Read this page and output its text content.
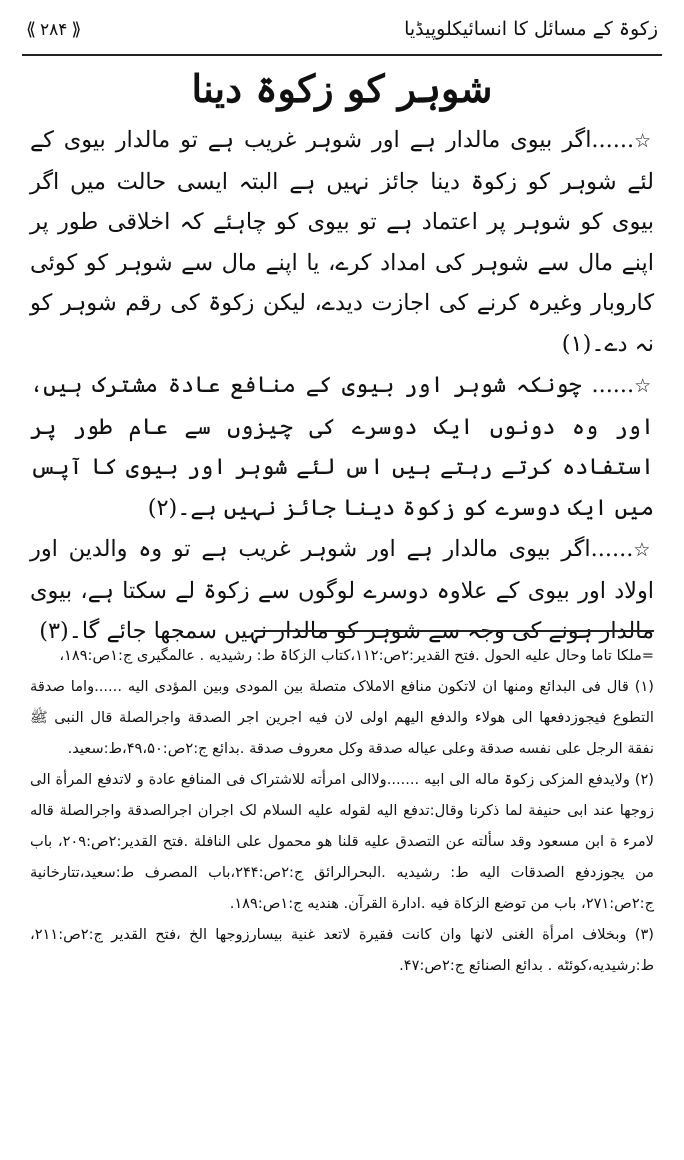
زکوۃ کے مسائل کا انسائیکلوپیڈیا
⟪ ۲۸۴ ⟫
شوہر کو زکوۃ دینا

☆......اگر بیوی مالدار ہے اور شوہر غریب ہے تو مالدار بیوی کے لئے شوہر کو زکوۃ دینا جائز نہیں ہے البتہ ایسی حالت میں اگر بیوی کو شوہر پر اعتماد ہے تو بیوی کو چاہئے کہ اخلاقی طور پر اپنے مال سے شوہر کی امداد کرے، یا اپنے مال سے شوہر کو کوئی کاروبار وغیرہ کرنے کی اجازت دیدے، لیکن زکوۃ کی رقم شوہر کو نہ دے۔(۱)

☆...... چونکہ شوہر اور بیوی کے منافع عادۃ مشترک ہیں، اور وہ دونوں ایک دوسرے کی چیزوں سے عام طور پر استفادہ کرتے رہتے ہیں اس لئے شوہر اور بیوی کا آپس میں ایک دوسرے کو زکوۃ دینا جائز نہیں ہے۔(۲)

☆......اگر بیوی مالدار ہے اور شوہر غریب ہے تو وہ والدین اور اولاد اور بیوی کے علاوہ دوسرے لوگوں سے زکوۃ لے سکتا ہے، بیوی مالدار ہونے کی وجہ سے شوہر کو مالدار نہیں سمجھا جائے گا۔(۳)

=ملکا تاما وحال علیه الحول .فتح القدیر:۲ص:۱۱۲،کتاب الزکاۃ ط: رشیدیه . عالمگیری ج:۱ص:۱۸۹،

(۱) قال فی البدائع ومنها ان لاتکون منافع الاملاک متصلة بین المودی وبین المؤدی الیه ......واما صدقة التطوع فیجوزدفعها الی هولاء والدفع الیهم اولی لان فیه اجرین اجر الصدقة واجرالصلة قال النبی ﷺ نفقة الرجل علی نفسه صدقة وعلی عیاله صدقة وکل معروف صدقة .بدائع ج:۲ص:۴۹،۵۰،ط:سعید.

(۲) ولایدفع المزکی زکوۃ ماله الی ابیه .......ولاالی امرأته للاشتراک فی المنافع عادة و لاتدفع المرأة الی زوجها عند ابی حنیفة لما ذکرنا وقال:تدفع الیه لقوله علیه السلام لک اجران اجرالصدقة واجرالصلة قاله لامرء ة ابن مسعود وقد سألته عن التصدق علیه قلنا هو محمول علی النافلة .فتح القدیر:۲ص:۲۰۹، باب من یجوزدفع الصدقات الیه ط: رشیدیه .البحرالرائق ج:۲ص:۲۴۴،باب المصرف ط:سعید،تتارخانیة ج:۲ص:۲۷۱، باب من توضع الزکاة فیه .ادارة القرآن. هندیه ج:۱ص:۱۸۹.

(۳) وبخلاف امرأة الغنی لانها وان کانت فقیرة لاتعد غنیة بیسارزوجها الخ ،فتح القدیر ج:۲ص:۲۱۱، ط:رشیدیه،کوئٹه . بدائع الصنائع ج:۲ص:۴۷.
